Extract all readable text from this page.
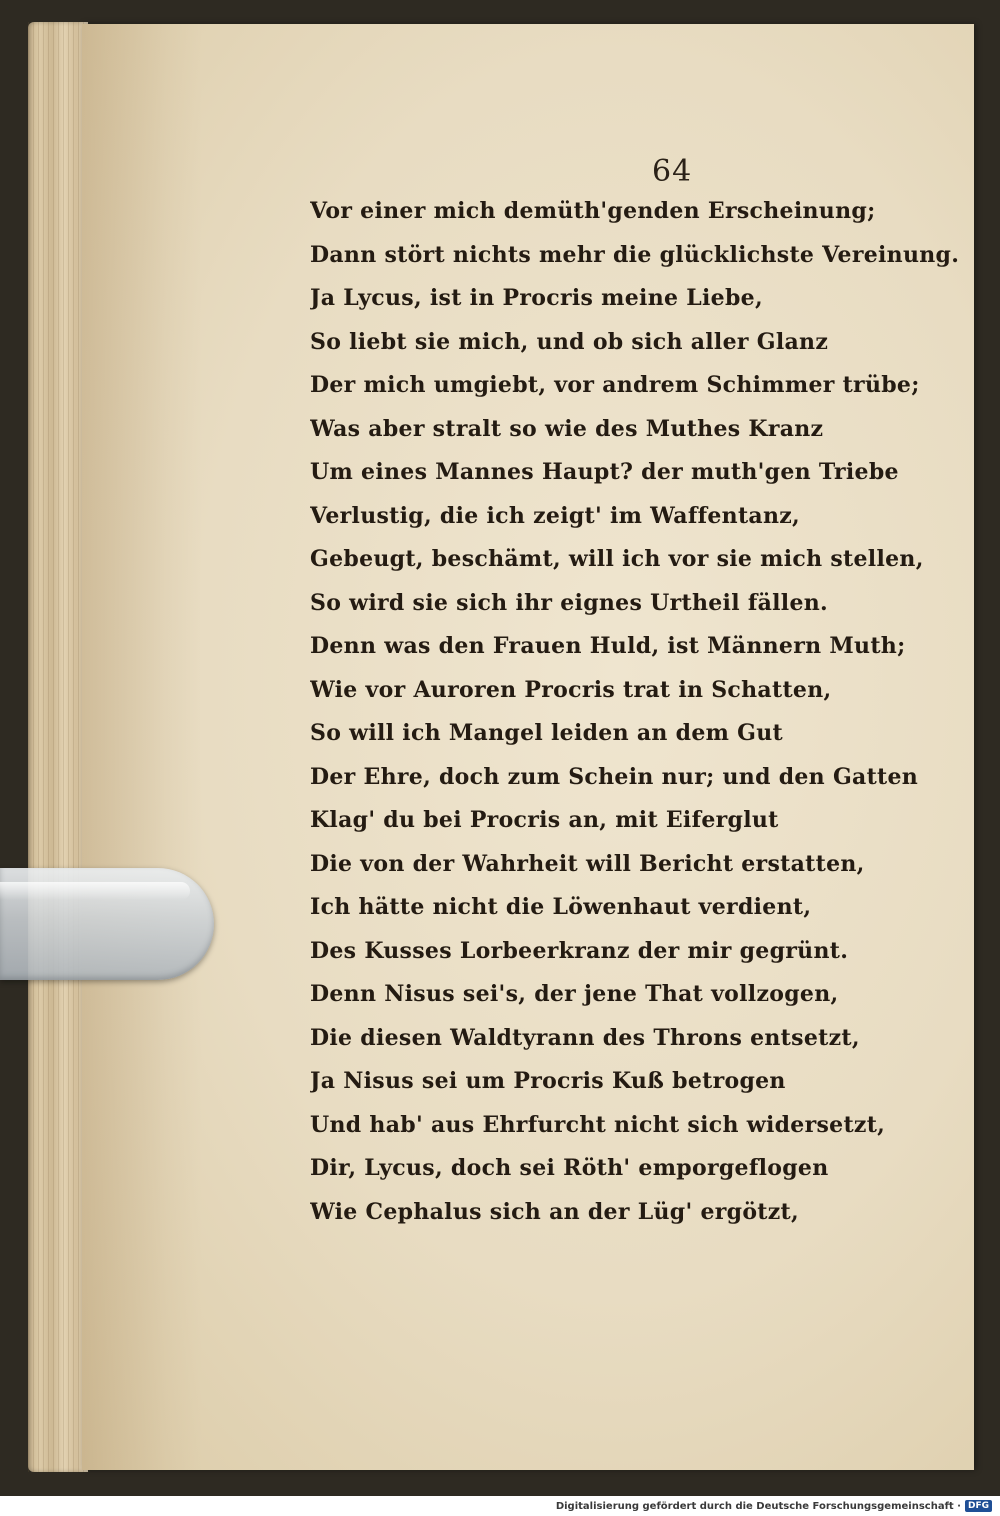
64
Vor einer mich demüth'genden Erscheinung;
Dann stört nichts mehr die glücklichste Vereinung.
Ja Lycus, ist in Procris meine Liebe,
So liebt sie mich, und ob sich aller Glanz
Der mich umgiebt, vor andrem Schimmer trübe;
Was aber stralt so wie des Muthes Kranz
Um eines Mannes Haupt? der muth'gen Triebe
Verlustig, die ich zeigt' im Waffentanz,
Gebeugt, beschämt, will ich vor sie mich stellen,
So wird sie sich ihr eignes Urtheil fällen.
Denn was den Frauen Huld, ist Männern Muth;
Wie vor Auroren Procris trat in Schatten,
So will ich Mangel leiden an dem Gut
Der Ehre, doch zum Schein nur; und den Gatten
Klag' du bei Procris an, mit Eiferglut
Die von der Wahrheit will Bericht erstatten,
Ich hätte nicht die Löwenhaut verdient,
Des Kusses Lorbeerkranz der mir gegrünt.
Denn Nisus sei's, der jene That vollzogen,
Die diesen Waldtyrann des Throns entsetzt,
Ja Nisus sei um Procris Kuß betrogen
Und hab' aus Ehrfurcht nicht sich widersetzt,
Dir, Lycus, doch sei Röth' emporgeflogen
Wie Cephalus sich an der Lüg' ergötzt,
Digitalisierung gefördert durch die Deutsche Forschungsgemeinschaft · DFG
